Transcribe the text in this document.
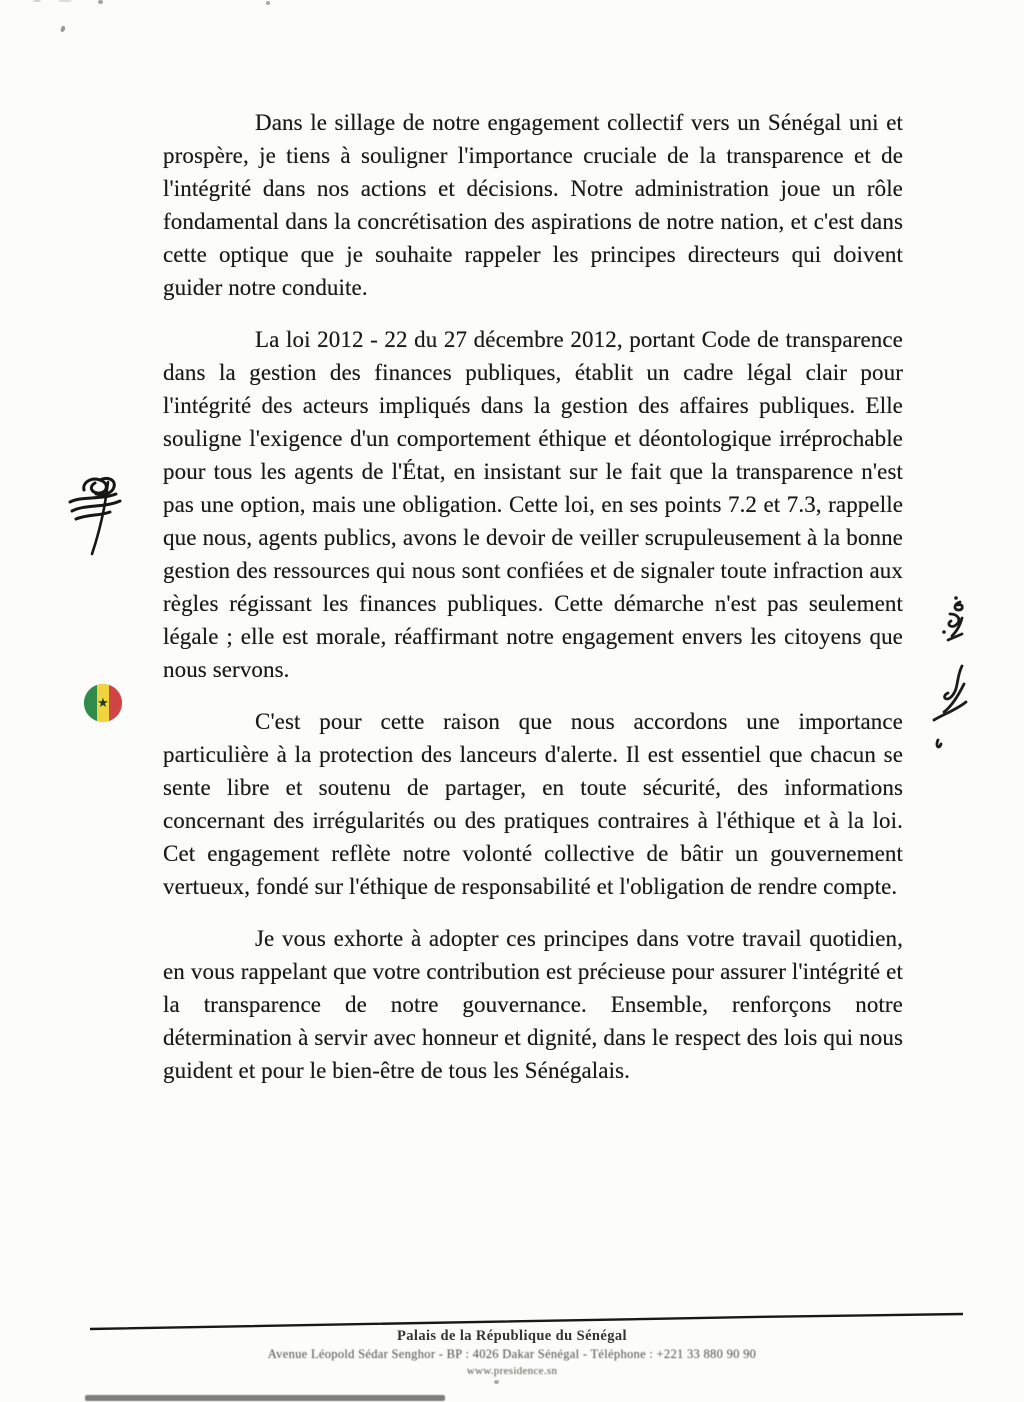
★

Dans le sillage de notre engagement collectif vers un Sénégal uni et prospère, je tiens à souligner l'importance cruciale de la transparence et de l'intégrité dans nos actions et décisions. Notre administration joue un rôle fondamental dans la concrétisation des aspirations de notre nation, et c'est dans cette optique que je souhaite rappeler les principes directeurs qui doivent guider notre conduite.

La loi 2012 - 22 du 27 décembre 2012, portant Code de transparence dans la gestion des finances publiques, établit un cadre légal clair pour l'intégrité des acteurs impliqués dans la gestion des affaires publiques. Elle souligne l'exigence d'un comportement éthique et déontologique irréprochable pour tous les agents de l'État, en insistant sur le fait que la transparence n'est pas une option, mais une obligation. Cette loi, en ses points 7.2 et 7.3, rappelle que nous, agents publics, avons le devoir de veiller scrupuleusement à la bonne gestion des ressources qui nous sont confiées et de signaler toute infraction aux règles régissant les finances publiques. Cette démarche n'est pas seulement légale ; elle est morale, réaffirmant notre engagement envers les citoyens que nous servons.

C'est pour cette raison que nous accordons une importance particulière à la protection des lanceurs d'alerte. Il est essentiel que chacun se sente libre et soutenu de partager, en toute sécurité, des informations concernant des irrégularités ou des pratiques contraires à l'éthique et à la loi. Cet engagement reflète notre volonté collective de bâtir un gouvernement vertueux, fondé sur l'éthique de responsabilité et l'obligation de rendre compte.

Je vous exhorte à adopter ces principes dans votre travail quotidien, en vous rappelant que votre contribution est précieuse pour assurer l'intégrité et la transparence de notre gouvernance. Ensemble, renforçons notre détermination à servir avec honneur et dignité, dans le respect des lois qui nous guident et pour le bien-être de tous les Sénégalais.

Palais de la République du Sénégal
Avenue Léopold Sédar Senghor - BP : 4026 Dakar Sénégal - Téléphone : +221 33 880 90 90
www.presidence.sn
